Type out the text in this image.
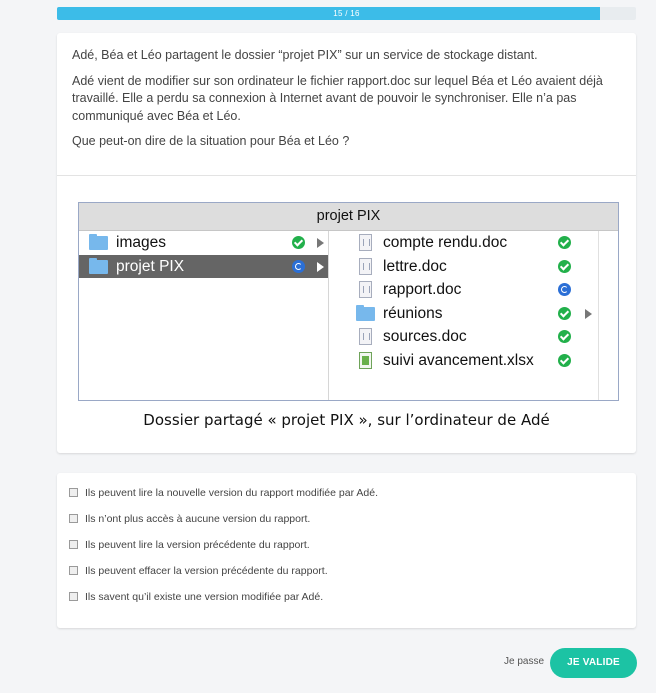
15 / 16

Adé, Béa et Léo partagent le dossier “projet PIX” sur un service de stockage distant.

Adé vient de modifier sur son ordinateur le fichier rapport.doc sur lequel Béa et Léo avaient déjà travaillé. Elle a perdu sa connexion à Internet avant de pouvoir le synchroniser. Elle n’a pas communiqué avec Béa et Léo.

Que peut-on dire de la situation pour Béa et Léo ?

projet PIX
images
projet PIX
compte rendu.doc
lettre.doc
rapport.doc
réunions
sources.doc
suivi avancement.xlsx
Dossier partagé « projet PIX », sur l’ordinateur de Adé
Ils peuvent lire la nouvelle version du rapport modifiée par Adé.
Ils n’ont plus accès à aucune version du rapport.
Ils peuvent lire la version précédente du rapport.
Ils peuvent effacer la version précédente du rapport.
Ils savent qu’il existe une version modifiée par Adé.
Je passe	JE VALIDE
